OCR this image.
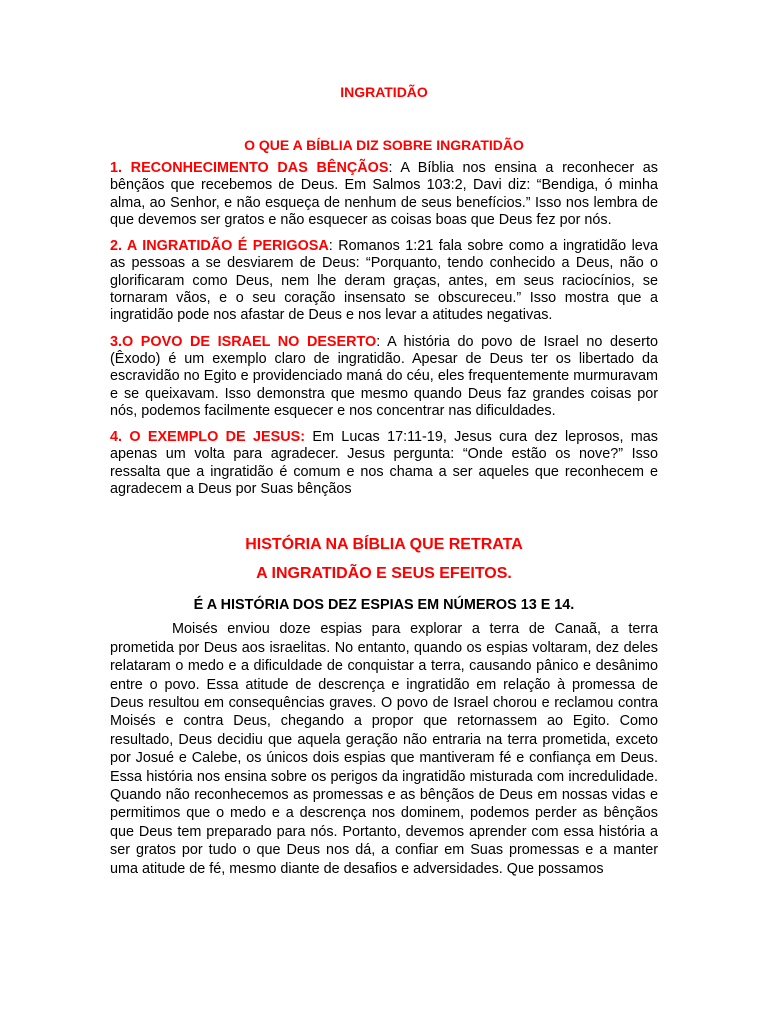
INGRATIDÃO

O QUE A BÍBLIA DIZ SOBRE INGRATIDÃO

1. RECONHECIMENTO DAS BÊNÇÃOS: A Bíblia nos ensina a reconhecer as bênçãos que recebemos de Deus. Em Salmos 103:2, Davi diz: “Bendiga, ó minha alma, ao Senhor, e não esqueça de nenhum de seus benefícios.” Isso nos lembra de que devemos ser gratos e não esquecer as coisas boas que Deus fez por nós.

2. A INGRATIDÃO É PERIGOSA: Romanos 1:21 fala sobre como a ingratidão leva as pessoas a se desviarem de Deus: “Porquanto, tendo conhecido a Deus, não o glorificaram como Deus, nem lhe deram graças, antes, em seus raciocínios, se tornaram vãos, e o seu coração insensato se obscureceu.” Isso mostra que a ingratidão pode nos afastar de Deus e nos levar a atitudes negativas.

3.O POVO DE ISRAEL NO DESERTO: A história do povo de Israel no deserto (Êxodo) é um exemplo claro de ingratidão. Apesar de Deus ter os libertado da escravidão no Egito e providenciado maná do céu, eles frequentemente murmuravam e se queixavam. Isso demonstra que mesmo quando Deus faz grandes coisas por nós, podemos facilmente esquecer e nos concentrar nas dificuldades.

4. O EXEMPLO DE JESUS: Em Lucas 17:11-19, Jesus cura dez leprosos, mas apenas um volta para agradecer. Jesus pergunta: “Onde estão os nove?” Isso ressalta que a ingratidão é comum e nos chama a ser aqueles que reconhecem e agradecem a Deus por Suas bênçãos

HISTÓRIA NA BÍBLIA QUE RETRATA

A INGRATIDÃO E SEUS EFEITOS.

É A HISTÓRIA DOS DEZ ESPIAS EM NÚMEROS 13 E 14.

Moisés enviou doze espias para explorar a terra de Canaã, a terra prometida por Deus aos israelitas. No entanto, quando os espias voltaram, dez deles relataram o medo e a dificuldade de conquistar a terra, causando pânico e desânimo entre o povo. Essa atitude de descrença e ingratidão em relação à promessa de Deus resultou em consequências graves. O povo de Israel chorou e reclamou contra Moisés e contra Deus, chegando a propor que retornassem ao Egito. Como resultado, Deus decidiu que aquela geração não entraria na terra prometida, exceto por Josué e Calebe, os únicos dois espias que mantiveram fé e confiança em Deus. Essa história nos ensina sobre os perigos da ingratidão misturada com incredulidade. Quando não reconhecemos as promessas e as bênçãos de Deus em nossas vidas e permitimos que o medo e a descrença nos dominem, podemos perder as bênçãos que Deus tem preparado para nós. Portanto, devemos aprender com essa história a ser gratos por tudo o que Deus nos dá, a confiar em Suas promessas e a manter uma atitude de fé, mesmo diante de desafios e adversidades. Que possamos
